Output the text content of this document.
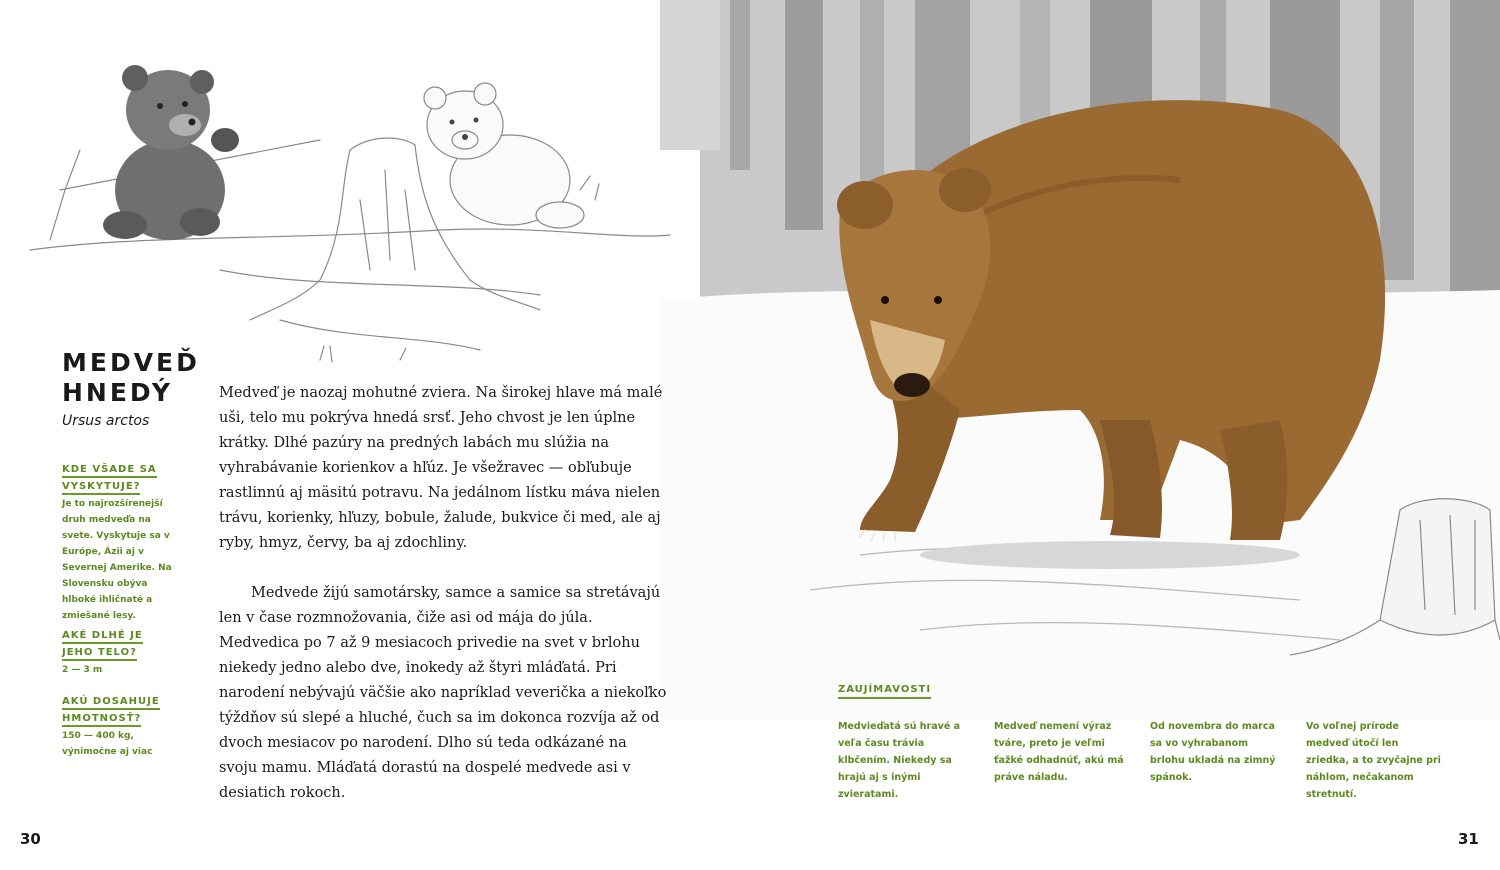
MEDVEĎ
HNEDÝ
Ursus arctos
KDE VŠADE SA
VYSKYTUJE?
Je to najrozšírenejší druh medveďa na svete. Vyskytuje sa v Európe, Ázii aj v Severnej Amerike. Na Slovensku obýva hlboké ihličnaté a zmiešané lesy.
AKÉ DLHÉ JE
JEHO TELO?
2 — 3 m
AKÚ DOSAHUJE
HMOTNOSŤ?
150 — 400 kg, výnimočne aj viac

Medveď je naozaj mohutné zviera. Na širokej hlave má malé uši, telo mu pokrýva hnedá srsť. Jeho chvost je len úplne krátky. Dlhé pazúry na predných labách mu slúžia na vyhrabávanie korienkov a hľúz. Je všežravec — obľubuje rastlinnú aj mäsitú potravu. Na jedálnom lístku máva nielen trávu, korienky, hľuzy, bobule, žalude, bukvice či med, ale aj ryby, hmyz, červy, ba aj zdochliny.

Medvede žijú samotársky, samce a samice sa stretávajú len v čase rozmnožovania, čiže asi od mája do júla. Medvedica po 7 až 9 mesiacoch privedie na svet v brlohu niekedy jedno alebo dve, inokedy až štyri mláďatá. Pri narodení nebývajú väčšie ako napríklad veverička a niekoľko týždňov sú slepé a hluché, čuch sa im dokonca rozvíja až od dvoch mesiacov po narodení. Dlho sú teda odkázané na svoju mamu. Mláďatá dorastú na dospelé medvede asi v desiatich rokoch.

ZAUJÍMAVOSTI
Medvieďatá sú hravé a veľa času trávia klbčením. Niekedy sa hrajú aj s inými zvieratami.
Medveď nemení výraz tváre, preto je veľmi ťažké odhadnúť, akú má práve náladu.
Od novembra do marca sa vo vyhrabanom brlohu ukladá na zimný spánok.
Vo voľnej prírode medveď útočí len zriedka, a to zvyčajne pri náhlom, nečakanom stretnutí.
30	31
